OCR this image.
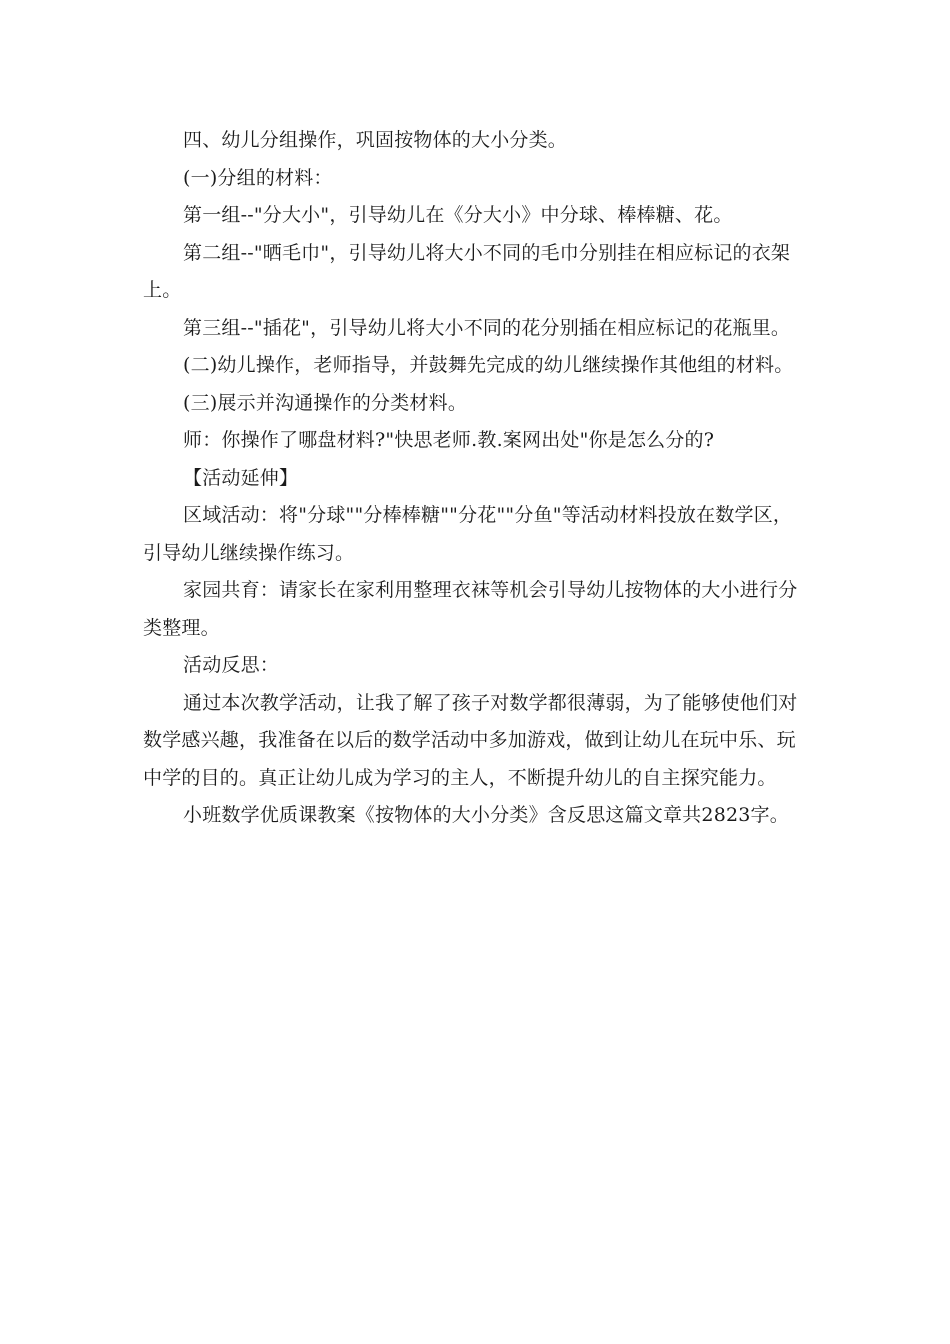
四、幼儿分组操作，巩固按物体的大小分类。

(一)分组的材料：

第一组--"分大小"，引导幼儿在《分大小》中分球、棒棒糖、花。

第二组--"晒毛巾"，引导幼儿将大小不同的毛巾分别挂在相应标记的衣架上。

第三组--"插花"，引导幼儿将大小不同的花分别插在相应标记的花瓶里。

(二)幼儿操作，老师指导，并鼓舞先完成的幼儿继续操作其他组的材料。

(三)展示并沟通操作的分类材料。

师：你操作了哪盘材料?"快思老师.教.案网出处"你是怎么分的?

【活动延伸】

区域活动：将"分球""分棒棒糖""分花""分鱼"等活动材料投放在数学区，引导幼儿继续操作练习。

家园共育：请家长在家利用整理衣袜等机会引导幼儿按物体的大小进行分类整理。

活动反思：

通过本次教学活动，让我了解了孩子对数学都很薄弱，为了能够使他们对数学感兴趣，我准备在以后的数学活动中多加游戏，做到让幼儿在玩中乐、玩中学的目的。真正让幼儿成为学习的主人，不断提升幼儿的自主探究能力。

小班数学优质课教案《按物体的大小分类》含反思这篇文章共2823字。
